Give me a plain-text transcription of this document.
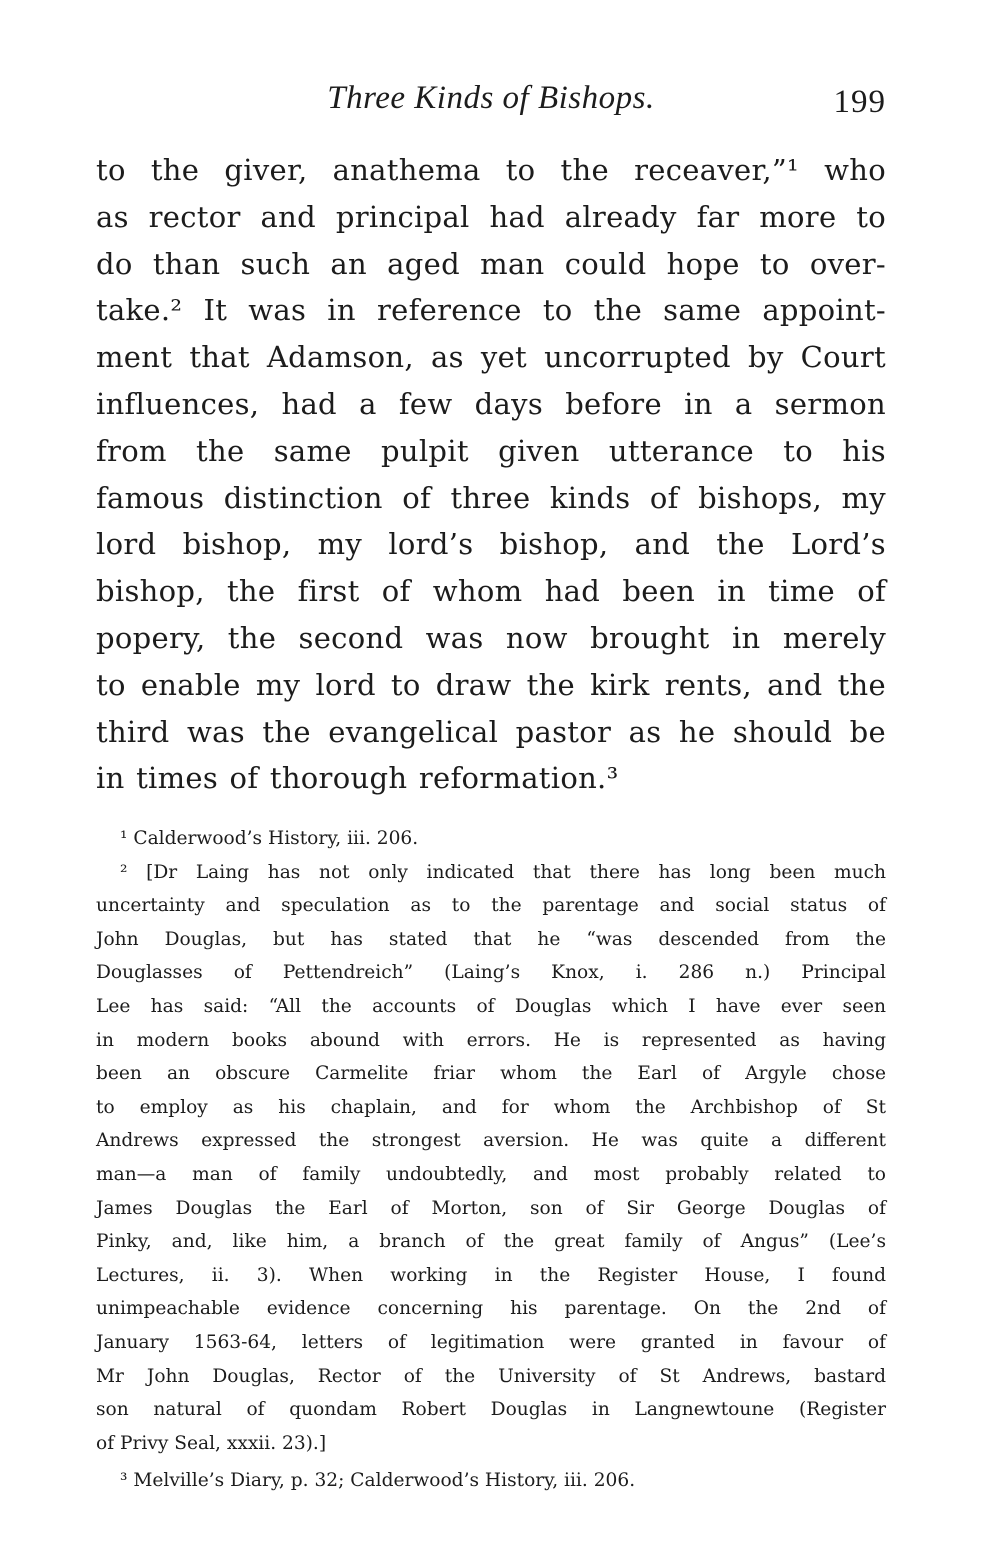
Three Kinds of Bishops.	199
to the giver, anathema to the receaver,”¹ who
as rector and principal had already far more to
do than such an aged man could hope to over-
take.² It was in reference to the same appoint-
ment that Adamson, as yet uncorrupted by Court
influences, had a few days before in a sermon
from the same pulpit given utterance to his
famous distinction of three kinds of bishops, my
lord bishop, my lord’s bishop, and the Lord’s
bishop, the first of whom had been in time of
popery, the second was now brought in merely
to enable my lord to draw the kirk rents, and the
third was the evangelical pastor as he should be
in times of thorough reformation.³
¹ Calderwood’s History, iii. 206.
² [Dr Laing has not only indicated that there has long been much
uncertainty and speculation as to the parentage and social status of
John Douglas, but has stated that he “was descended from the
Douglasses of Pettendreich” (Laing’s Knox, i. 286 n.) Principal
Lee has said: “All the accounts of Douglas which I have ever seen
in modern books abound with errors. He is represented as having
been an obscure Carmelite friar whom the Earl of Argyle chose
to employ as his chaplain, and for whom the Archbishop of St
Andrews expressed the strongest aversion. He was quite a different
man—a man of family undoubtedly, and most probably related to
James Douglas the Earl of Morton, son of Sir George Douglas of
Pinky, and, like him, a branch of the great family of Angus” (Lee’s
Lectures, ii. 3). When working in the Register House, I found
unimpeachable evidence concerning his parentage. On the 2nd of
January 1563-64, letters of legitimation were granted in favour of
Mr John Douglas, Rector of the University of St Andrews, bastard
son natural of quondam Robert Douglas in Langnewtoune (Register
of Privy Seal, xxxii. 23).]
³ Melville’s Diary, p. 32; Calderwood’s History, iii. 206.
